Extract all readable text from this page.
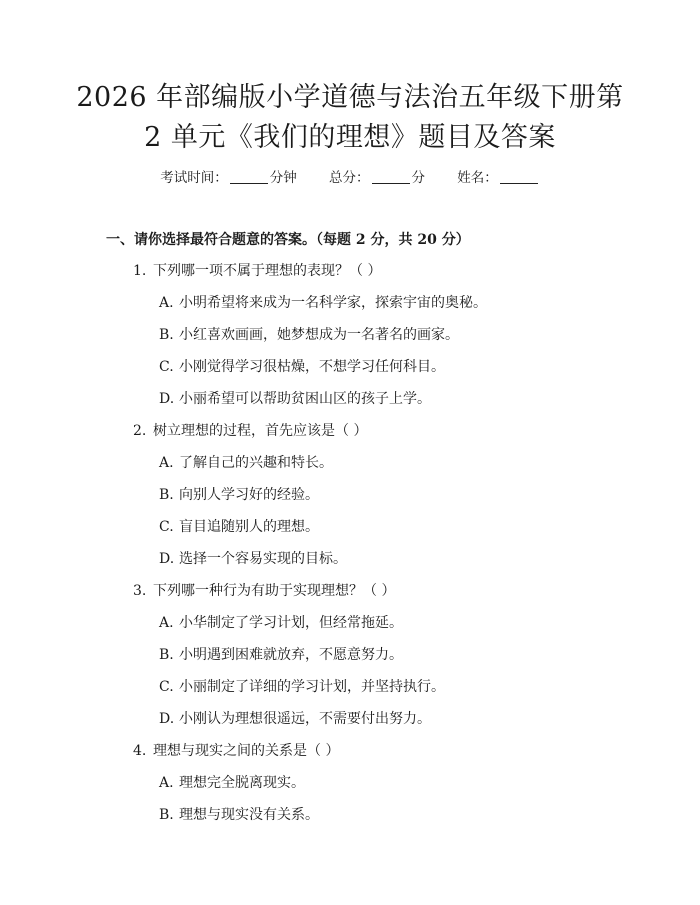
2026 年部编版小学道德与法治五年级下册第
2 单元《我们的理想》题目及答案
考试时间：	分钟 总分：	分 姓名：
一、请你选择最符合题意的答案。（每题 2 分，共 20 分）
1. 下列哪一项不属于理想的表现？（ ）
A. 小明希望将来成为一名科学家，探索宇宙的奥秘。
B. 小红喜欢画画，她梦想成为一名著名的画家。
C. 小刚觉得学习很枯燥，不想学习任何科目。
D. 小丽希望可以帮助贫困山区的孩子上学。
2. 树立理想的过程，首先应该是（ ）
A. 了解自己的兴趣和特长。
B. 向别人学习好的经验。
C. 盲目追随别人的理想。
D. 选择一个容易实现的目标。
3. 下列哪一种行为有助于实现理想？（ ）
A. 小华制定了学习计划，但经常拖延。
B. 小明遇到困难就放弃，不愿意努力。
C. 小丽制定了详细的学习计划，并坚持执行。
D. 小刚认为理想很遥远，不需要付出努力。
4. 理想与现实之间的关系是（ ）
A. 理想完全脱离现实。
B. 理想与现实没有关系。
